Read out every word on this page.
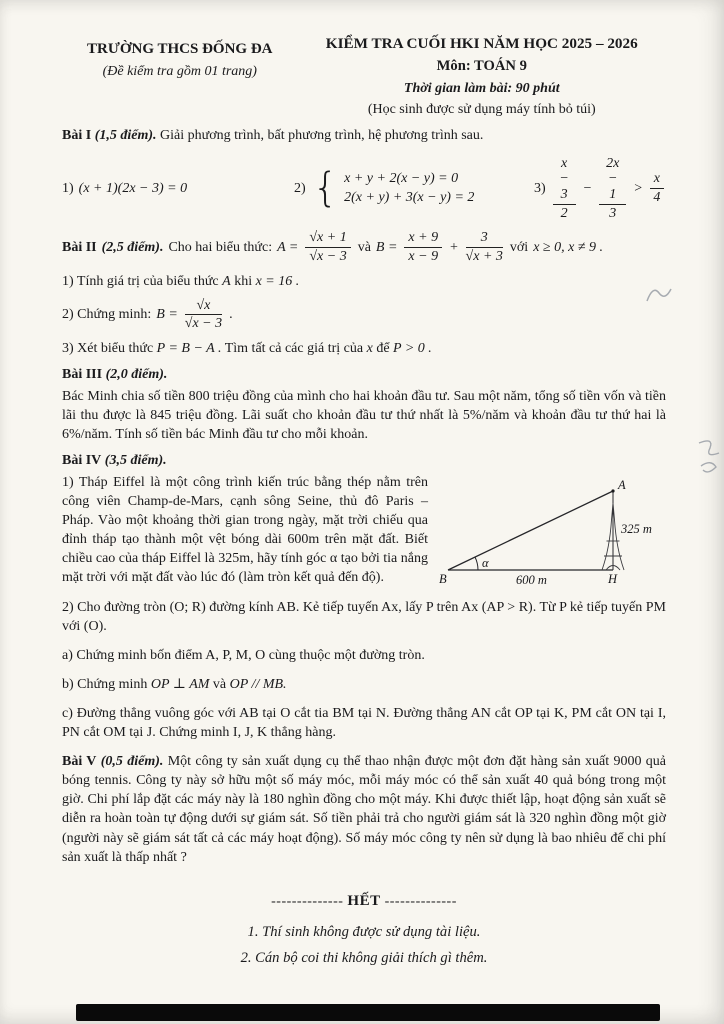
TRƯỜNG THCS ĐỐNG ĐA
(Đề kiểm tra gồm 01 trang)
KIỂM TRA CUỐI HKI NĂM HỌC 2025 – 2026
Môn: TOÁN 9
Thời gian làm bài: 90 phút
(Học sinh được sử dụng máy tính bỏ túi)

Bài I (1,5 điểm). Giải phương trình, bất phương trình, hệ phương trình sau.

1) (x + 1)(2x − 3) = 0	2) { x + y + 2(x − y) = 0
2(x + y) + 3(x − y) = 2
$3) \frac{x - 3}{2} - \frac{2x - 1}{3} > \frac{x}{4}$

Bài II (2,5 điểm). Cho hai biểu thức: $A = \frac{√x + 1}{√x - 3}$ và $B = \frac{x + 9}{x - 9} + \frac{3}{√x + 3}$ với x ≥ 0, x ≠ 9 .

1) Tính giá trị của biểu thức A khi x = 16 .

2) Chứng minh: $B = \frac{√x}{√x - 3}$ .

3) Xét biểu thức P = B − A . Tìm tất cả các giá trị của x để P > 0 .

Bài III (2,0 điểm).

Bác Minh chia số tiền 800 triệu đồng của mình cho hai khoản đầu tư. Sau một năm, tổng số tiền vốn và tiền lãi thu được là 845 triệu đồng. Lãi suất cho khoản đầu tư thứ nhất là 5%/năm và khoản đầu tư thứ hai là 6%/năm. Tính số tiền bác Minh đầu tư cho mỗi khoản.

Bài IV (3,5 điểm).

A
B	H
α
600 m
325 m

1) Tháp Eiffel là một công trình kiến trúc bằng thép nằm trên công viên Champ-de-Mars, cạnh sông Seine, thủ đô Paris – Pháp. Vào một khoảng thời gian trong ngày, mặt trời chiếu qua đỉnh tháp tạo thành một vệt bóng dài 600m trên mặt đất. Biết chiều cao của tháp Eiffel là 325m, hãy tính góc α tạo bởi tia nắng mặt trời với mặt đất vào lúc đó (làm tròn kết quả đến độ).

2) Cho đường tròn (O; R) đường kính AB. Kẻ tiếp tuyến Ax, lấy P trên Ax (AP > R). Từ P kẻ tiếp tuyến PM với (O).

a) Chứng minh bốn điểm A, P, M, O cùng thuộc một đường tròn.

b) Chứng minh OP ⊥ AM và OP // MB.

c) Đường thẳng vuông góc với AB tại O cắt tia BM tại N. Đường thẳng AN cắt OP tại K, PM cắt ON tại I, PN cắt OM tại J. Chứng minh I, J, K thẳng hàng.

Bài V (0,5 điểm). Một công ty sản xuất dụng cụ thể thao nhận được một đơn đặt hàng sản xuất 9000 quả bóng tennis. Công ty này sở hữu một số máy móc, mỗi máy móc có thể sản xuất 40 quả bóng trong một giờ. Chi phí lắp đặt các máy này là 180 nghìn đồng cho một máy. Khi được thiết lập, hoạt động sản xuất sẽ diễn ra hoàn toàn tự động dưới sự giám sát. Số tiền phải trả cho người giám sát là 320 nghìn đồng một giờ (người này sẽ giám sát tất cả các máy hoạt động). Số máy móc công ty nên sử dụng là bao nhiêu để chi phí sản xuất là thấp nhất ?

-------------- HẾT --------------
1. Thí sinh không được sử dụng tài liệu.
2. Cán bộ coi thi không giải thích gì thêm.
